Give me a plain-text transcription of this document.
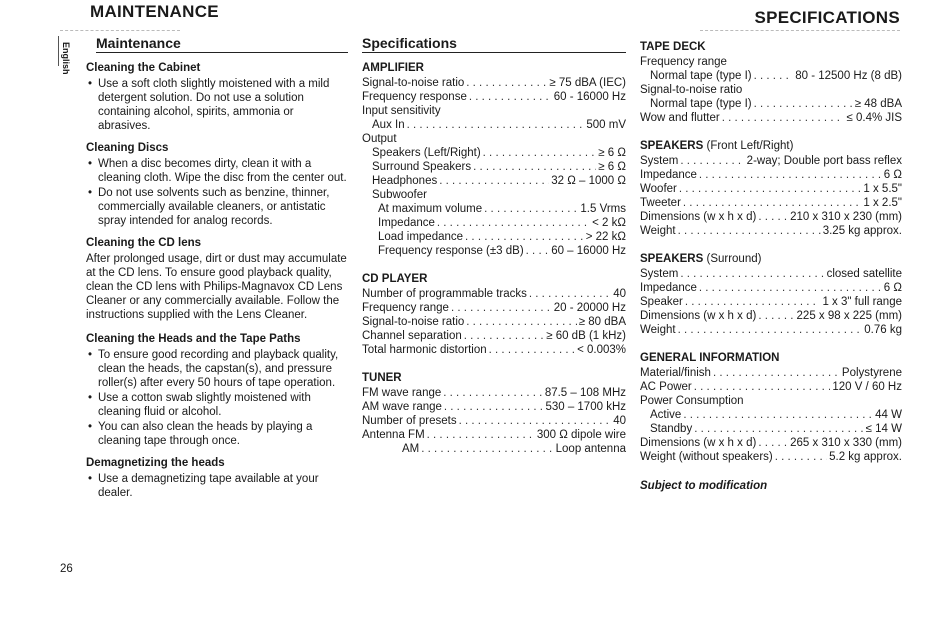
MAINTENANCE	SPECIFICATIONS
English Maintenance
Cleaning the Cabinet
• Use a soft cloth slightly moistened with a mild detergent solution. Do not use a solution containing alcohol, spirits, ammonia or abrasives.
Cleaning Discs
• When a disc becomes dirty, clean it with a cleaning cloth. Wipe the disc from the center out.
• Do not use solvents such as benzine, thinner, commercially available cleaners, or antistatic spray intended for analog records.
Cleaning the CD lens

After prolonged usage, dirt or dust may accumulate at the CD lens. To ensure good playback quality, clean the CD lens with Philips-Magnavox CD Lens Cleaner or any commercially available. Follow the instructions supplied with the Lens Cleaner.

Cleaning the Heads and the Tape Paths
• To ensure good recording and playback quality, clean the heads, the capstan(s), and pressure roller(s) after every 50 hours of tape operation.
• Use a cotton swab slightly moistened with cleaning fluid or alcohol.
• You can also clean the heads by playing a cleaning tape through once.
Demagnetizing the heads
• Use a demagnetizing tape available at your dealer.
Specifications
AMPLIFIER
Signal-to-noise ratio . . .	≥ 75 dBA (IEC)
Frequency response . . .	60 - 16000 Hz
Input sensitivity
Aux In . . .	500 mV
Output
Speakers (Left/Right) . . .	≥ 6 Ω
Surround Speakers . . .	≥ 6 Ω
Headphones . . .	32 Ω – 1000 Ω
Subwoofer
At maximum volume . . .	1.5 Vrms
Impedance . . .	< 2 kΩ
Load impedance . . .	> 22 kΩ
Frequency response (±3 dB) . . . 60 – 16000 Hz
CD PLAYER
Number of programmable tracks . . .	40
Frequency range . . .	20 - 20000 Hz
Signal-to-noise ratio . . .	≥ 80 dBA
Channel separation . . .	≥ 60 dB (1 kHz)
Total harmonic distortion . . .	< 0.003%
TUNER
FM wave range . . .	87.5 – 108 MHz
AM wave range . . .	530 – 1700 kHz
Number of presets . . .	40
Antenna FM . . .	300 Ω dipole wire
AM . . .	Loop antenna
TAPE DECK
Frequency range
Normal tape (type I) . . .	80 - 12500 Hz (8 dB)
Signal-to-noise ratio
Normal tape (type I) . . .	≥ 48 dBA
Wow and flutter . . .	≤ 0.4% JIS
SPEAKERS (Front Left/Right)
System . . .	2-way; Double port bass reflex
Impedance . . .	6 Ω
Woofer . . .	1 x 5.5"
Tweeter . . .	1 x 2.5"
Dimensions (w x h x d) . . .	210 x 310 x 230 (mm)
Weight . . .	3.25 kg approx.
SPEAKERS (Surround)
System . . .	closed satellite
Impedance . . .	6 Ω
Speaker . . .	1 x 3" full range
Dimensions (w x h x d) . . .	225 x 98 x 225 (mm)
Weight . . .	0.76 kg
GENERAL INFORMATION
Material/finish . . .	Polystyrene
AC Power . . .	120 V / 60 Hz
Power Consumption
Active . . .	44 W
Standby . . .	≤ 14 W
Dimensions (w x h x d) . . .	265 x 310 x 330 (mm)
Weight (without speakers) . . .	5.2 kg approx.
Subject to modification
26
